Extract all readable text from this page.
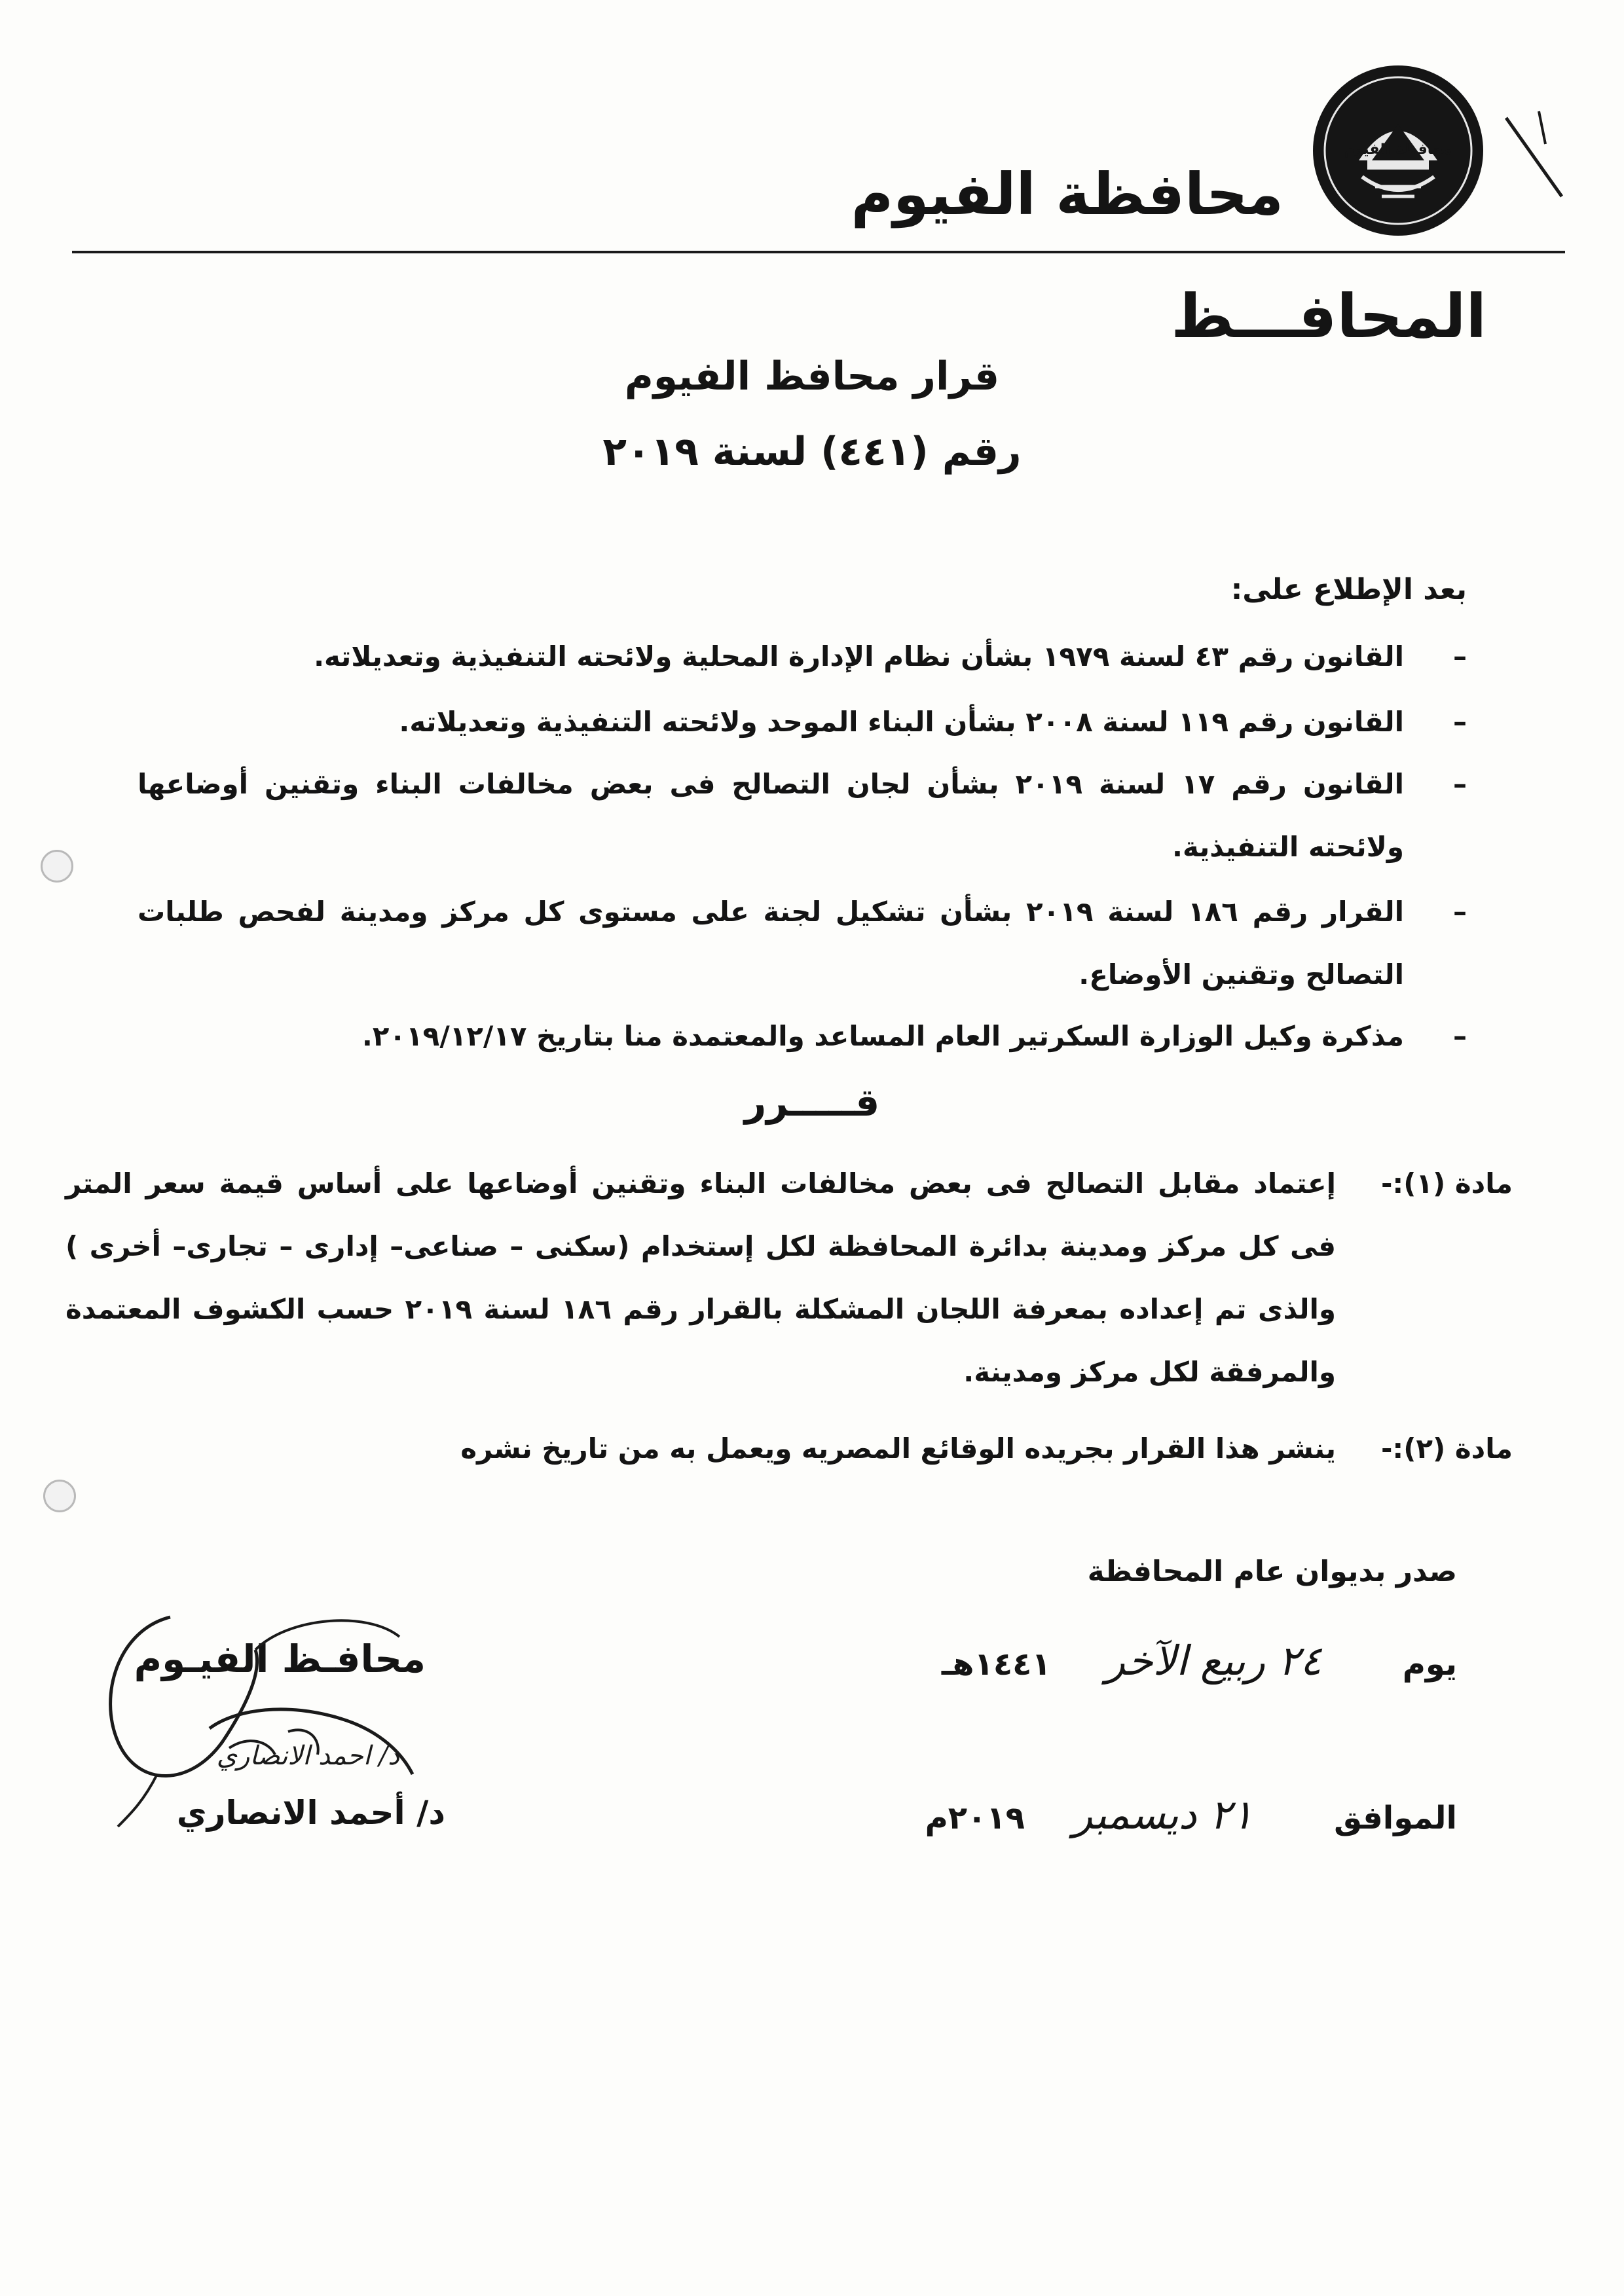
محافظة الفيوم
محافظة الفيوم
المحافـــظ
قرار محافظ الفيوم
رقم (٤٤١) لسنة ٢٠١٩
بعد الإطلاع على:
–
القانون رقم ٤٣ لسنة ١٩٧٩ بشأن نظام الإدارة المحلية ولائحته التنفيذية وتعديلاته.
–
القانون رقم ١١٩ لسنة ٢٠٠٨ بشأن البناء الموحد ولائحته التنفيذية وتعديلاته.
–
القانون رقم ١٧ لسنة ٢٠١٩ بشأن لجان التصالح فى بعض مخالفات البناء وتقنين أوضاعها ولائحته التنفيذية.
–
القرار رقم ١٨٦ لسنة ٢٠١٩ بشأن تشكيل لجنة على مستوى كل مركز ومدينة لفحص طلبات التصالح وتقنين الأوضاع.
–
مذكرة وكيل الوزارة السكرتير العام المساعد والمعتمدة منا بتاريخ ٢٠١٩/١٢/١٧.
قـــــرر
مادة (١):-
إعتماد مقابل التصالح فى بعض مخالفات البناء وتقنين أوضاعها على أساس قيمة سعر المتر فى كل مركز ومدينة بدائرة المحافظة لكل إستخدام (سكنى – صناعى– إدارى – تجارى– أخرى ) والذى تم إعداده بمعرفة اللجان المشكلة بالقرار رقم ١٨٦ لسنة ٢٠١٩ حسب الكشوف المعتمدة والمرفقة لكل مركز ومدينة.
مادة (٢):-
ينشر هذا القرار بجريده الوقائع المصريه ويعمل به من تاريخ نشره
صدر بديوان عام المحافظة
يوم  ٢٤ ربيع الآخر  ١٤٤١هـ
الموافق  ٢١ ديسمبر  ٢٠١٩م
محافـظ الفيـوم
د/ احمد الانصاري
د/ أحمد الانصاري
